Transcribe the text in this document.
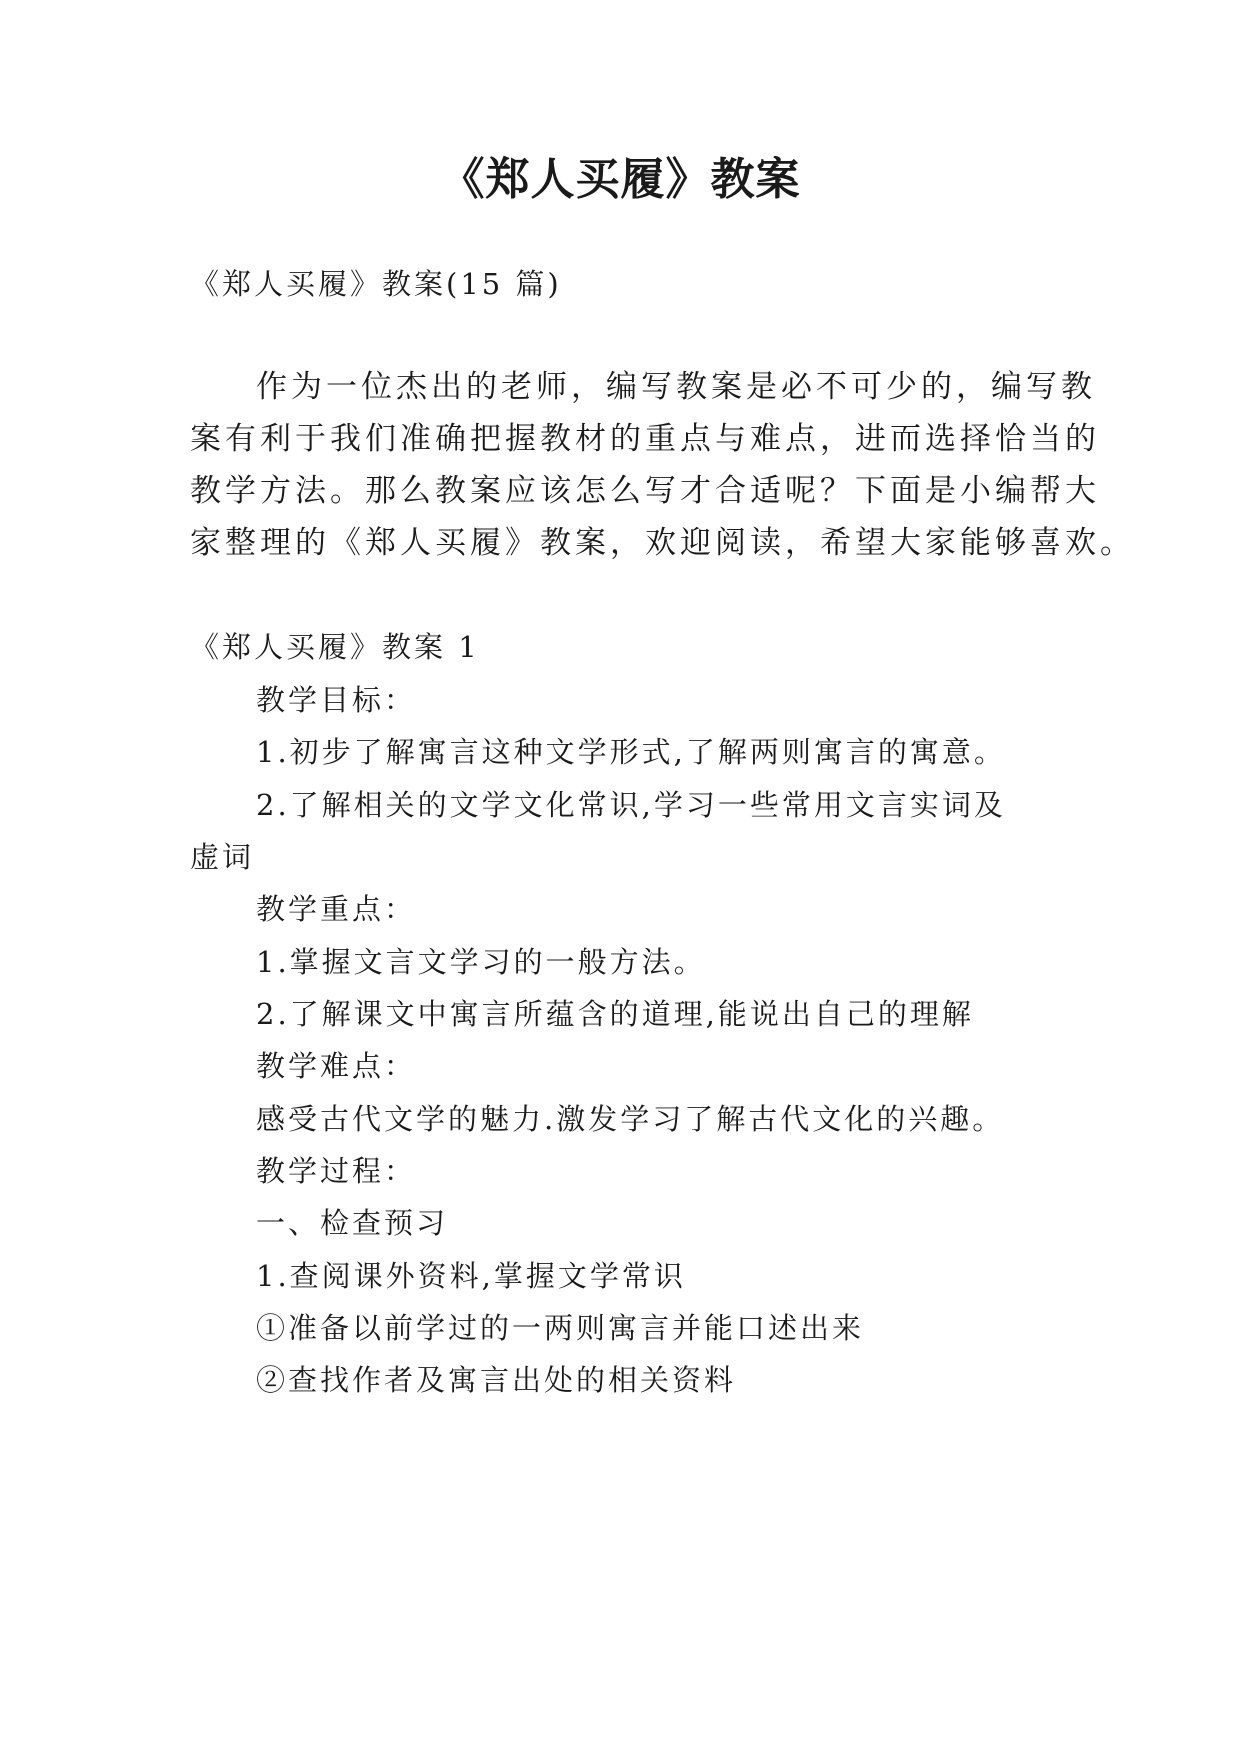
《郑人买履》教案

《郑人买履》教案(15 篇)

作为一位杰出的老师，编写教案是必不可少的，编写教

案有利于我们准确把握教材的重点与难点，进而选择恰当的

教学方法。那么教案应该怎么写才合适呢？下面是小编帮大

家整理的《郑人买履》教案，欢迎阅读，希望大家能够喜欢。

《郑人买履》教案 1

教学目标：

1.初步了解寓言这种文学形式,了解两则寓言的寓意。

2.了解相关的文学文化常识,学习一些常用文言实词及

虚词

教学重点：

1.掌握文言文学习的一般方法。

2.了解课文中寓言所蕴含的道理,能说出自己的理解

教学难点：

感受古代文学的魅力.激发学习了解古代文化的兴趣。

教学过程：

一、检查预习

1.查阅课外资料,掌握文学常识

①准备以前学过的一两则寓言并能口述出来

②查找作者及寓言出处的相关资料
